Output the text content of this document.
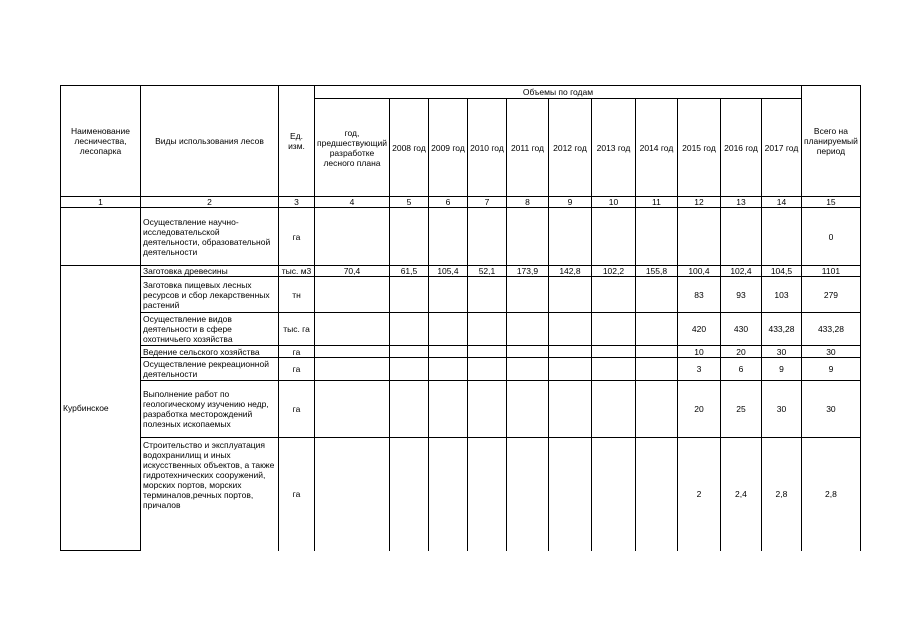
Наименование лесничества, лесопарка	Виды использования лесов	Ед. изм.	Объемы по годам											Всего на планируемый период
			год, предшествующий разработке лесного плана	2008 год	2009 год	2010 год	2011 год	2012 год	2013 год	2014 год	2015 год	2016 год	2017 год	
1	2	3	4	5	6	7	8	9	10	11	12	13	14	15
	Осуществление научно-исследовательской деятельности, образовательной деятельности	га												0
Курбинское	Заготовка древесины	тыс. м3	70,4	61,5	105,4	52,1	173,9	142,8	102,2	155,8	100,4	102,4	104,5	1101
	Заготовка пищевых лесных ресурсов и сбор лекарственных растений	тн									83	93	103	279
	Осуществление видов деятельности в сфере охотничьего хозяйства	тыс. га									420	430	433,28	433,28
	Ведение сельского хозяйства	га									10	20	30	30
	Осуществление рекреационной деятельности	га									3	6	9	9
	Выполнение работ по геологическому изучению недр, разработка месторождений полезных ископаемых	га									20	25	30	30
	Строительство и эксплуатация водохранилищ и иных искусственных объектов, а также гидротехнических сооружений, морских портов, морских терминалов,речных портов, причалов	га									2	2,4	2,8	2,8
